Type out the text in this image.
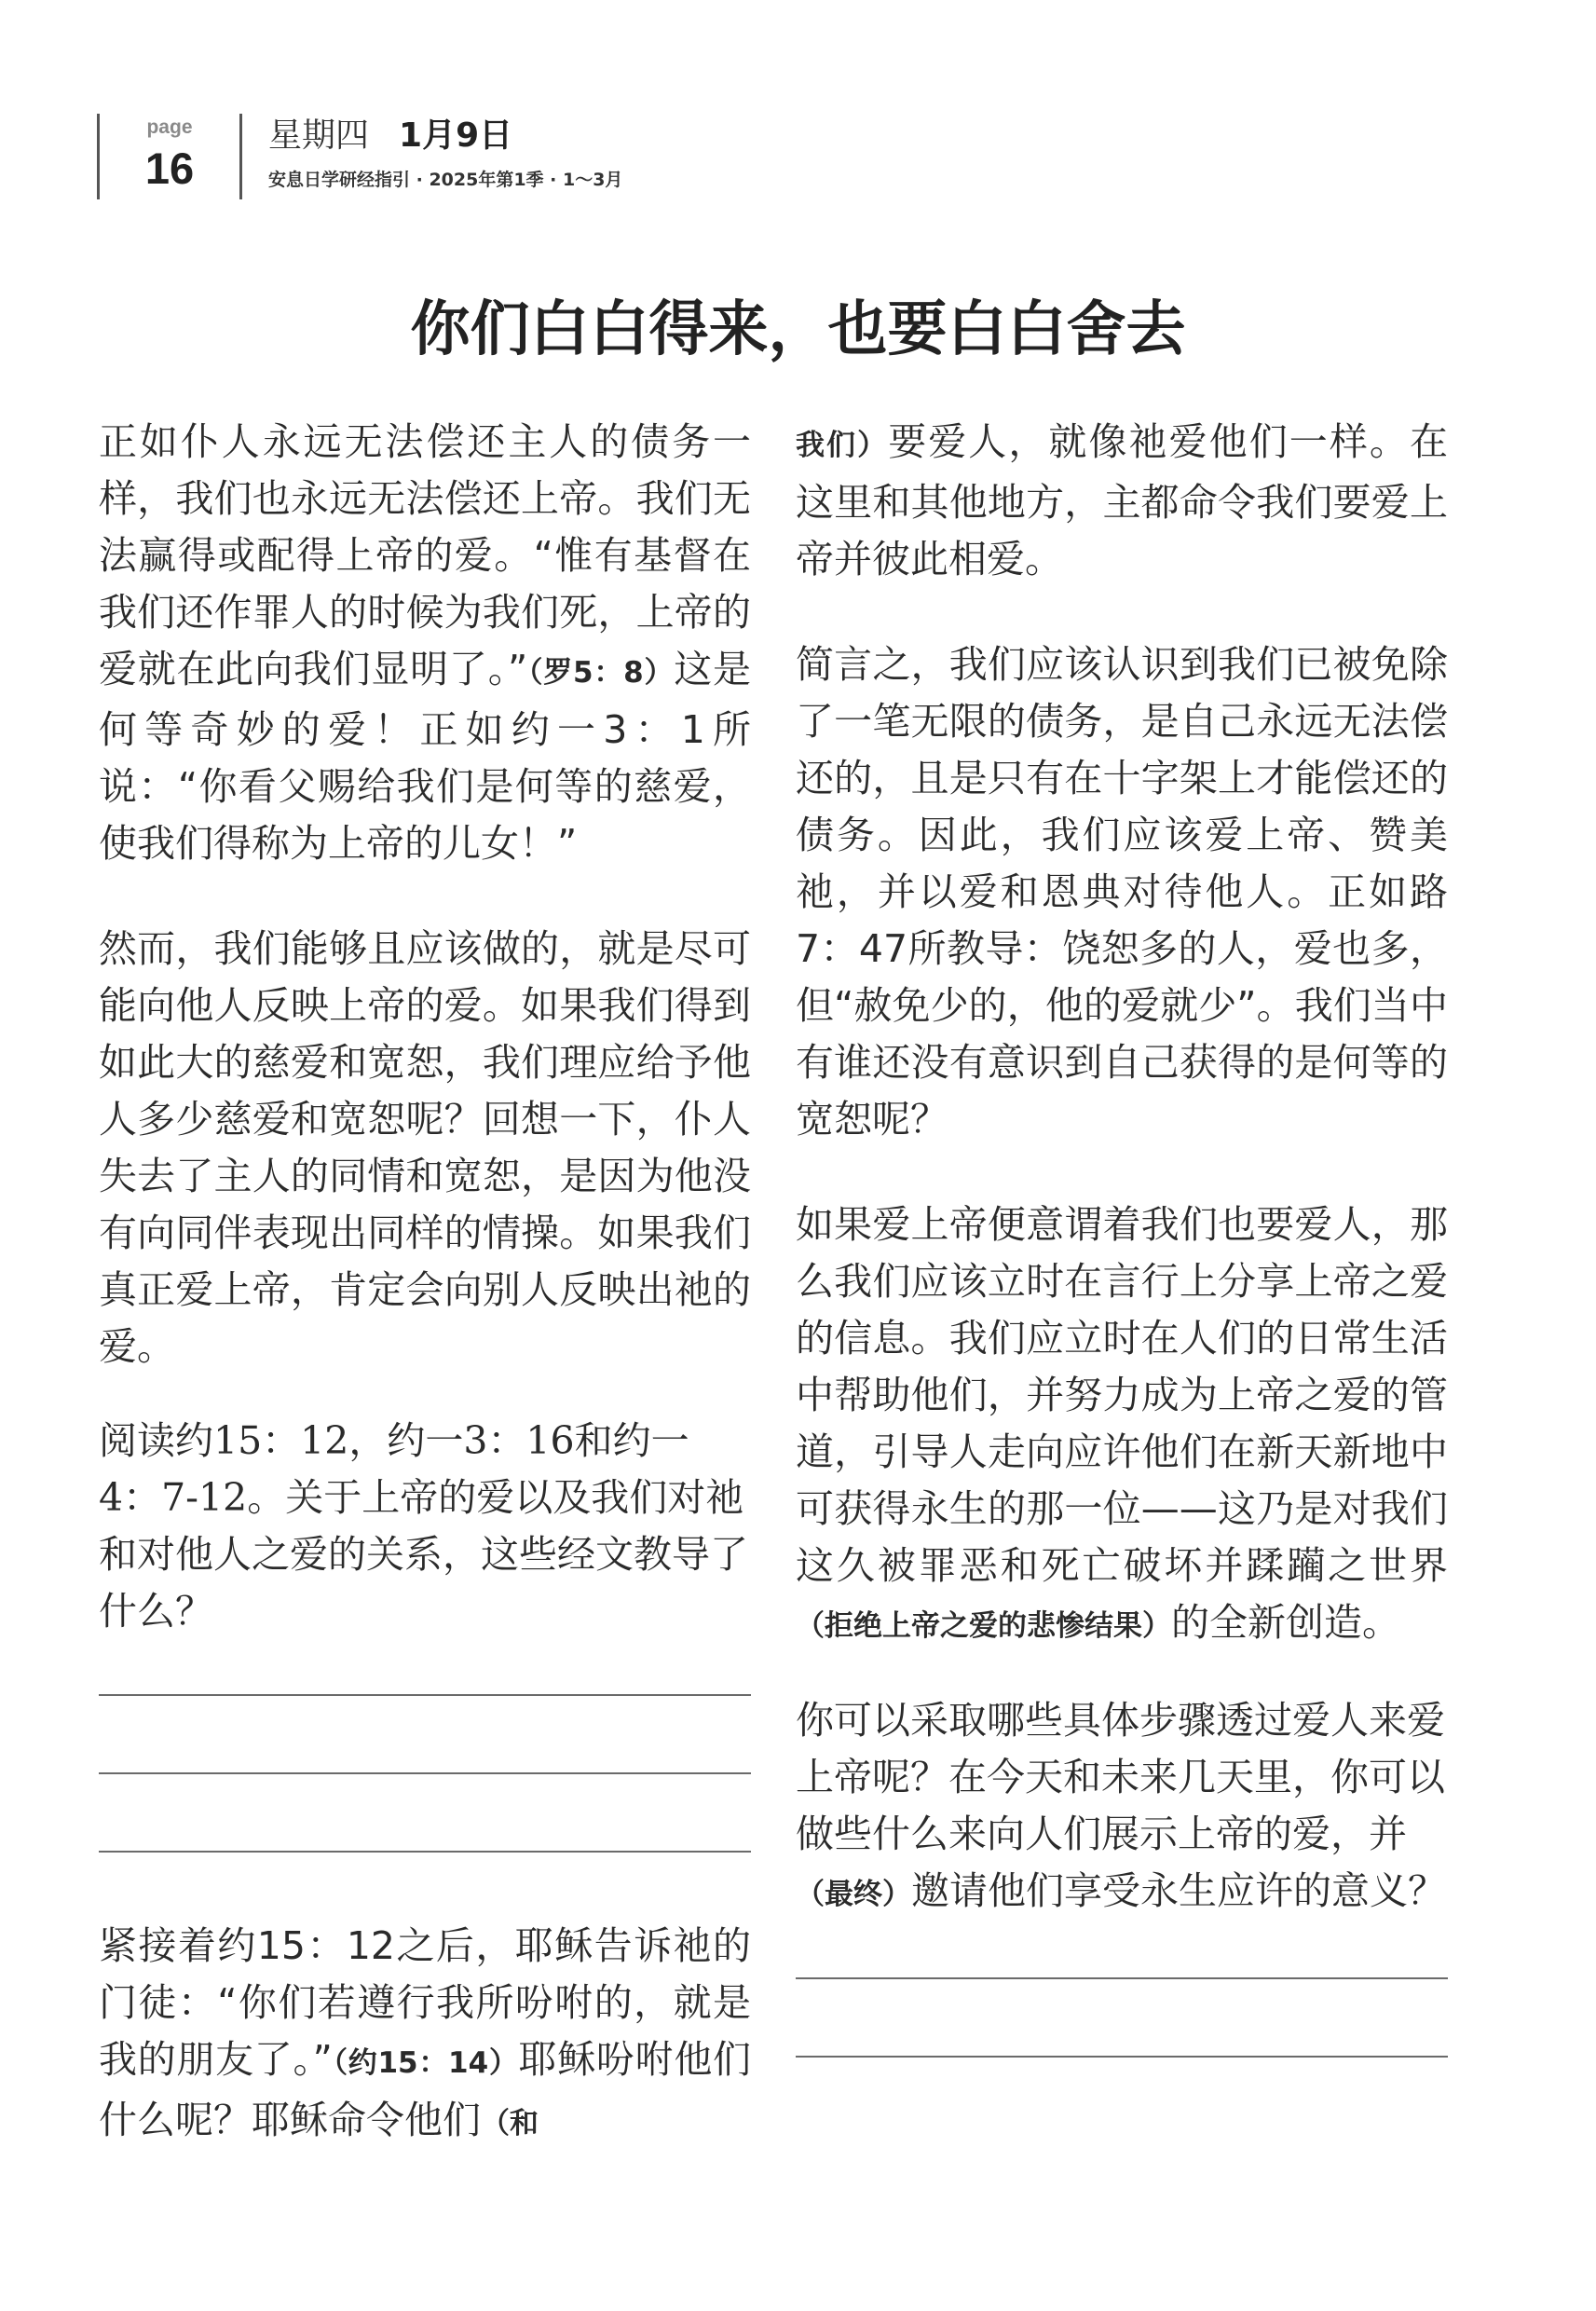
page
16
星期四 1月9日
安息日学研经指引 · 2025年第1季 · 1～3月
你们白白得来，也要白白舍去

正如仆人永远无法偿还主人的债务一样，我们也永远无法偿还上帝。我们无法赢得或配得上帝的爱。“惟有基督在我们还作罪人的时候为我们死，上帝的爱就在此向我们显明了。”（罗5：8）这是何等奇妙的爱！正如约一3：1所说：“你看父赐给我们是何等的慈爱，使我们得称为上帝的儿女！”

然而，我们能够且应该做的，就是尽可能向他人反映上帝的爱。如果我们得到如此大的慈爱和宽恕，我们理应给予他人多少慈爱和宽恕呢？回想一下，仆人失去了主人的同情和宽恕，是因为他没有向同伴表现出同样的情操。如果我们真正爱上帝，肯定会向别人反映出祂的爱。

阅读约15：12，约一3：16和约一4：7-12。关于上帝的爱以及我们对祂和对他人之爱的关系，这些经文教导了什么？

紧接着约15：12之后，耶稣告诉祂的门徒：“你们若遵行我所吩咐的，就是我的朋友了。”（约15：14）耶稣吩咐他们什么呢？耶稣命令他们（和

我们）要爱人，就像祂爱他们一样。在这里和其他地方，主都命令我们要爱上帝并彼此相爱。

简言之，我们应该认识到我们已被免除了一笔无限的债务，是自己永远无法偿还的，且是只有在十字架上才能偿还的债务。因此，我们应该爱上帝、赞美祂，并以爱和恩典对待他人。正如路7：47所教导：饶恕多的人，爱也多，但“赦免少的，他的爱就少”。我们当中有谁还没有意识到自己获得的是何等的宽恕呢？

如果爱上帝便意谓着我们也要爱人，那么我们应该立时在言行上分享上帝之爱的信息。我们应立时在人们的日常生活中帮助他们，并努力成为上帝之爱的管道，引导人走向应许他们在新天新地中可获得永生的那一位——这乃是对我们这久被罪恶和死亡破坏并蹂躏之世界（拒绝上帝之爱的悲惨结果）的全新创造。

你可以采取哪些具体步骤透过爱人来爱上帝呢？在今天和未来几天里，你可以做些什么来向人们展示上帝的爱，并（最终）邀请他们享受永生应许的意义？
